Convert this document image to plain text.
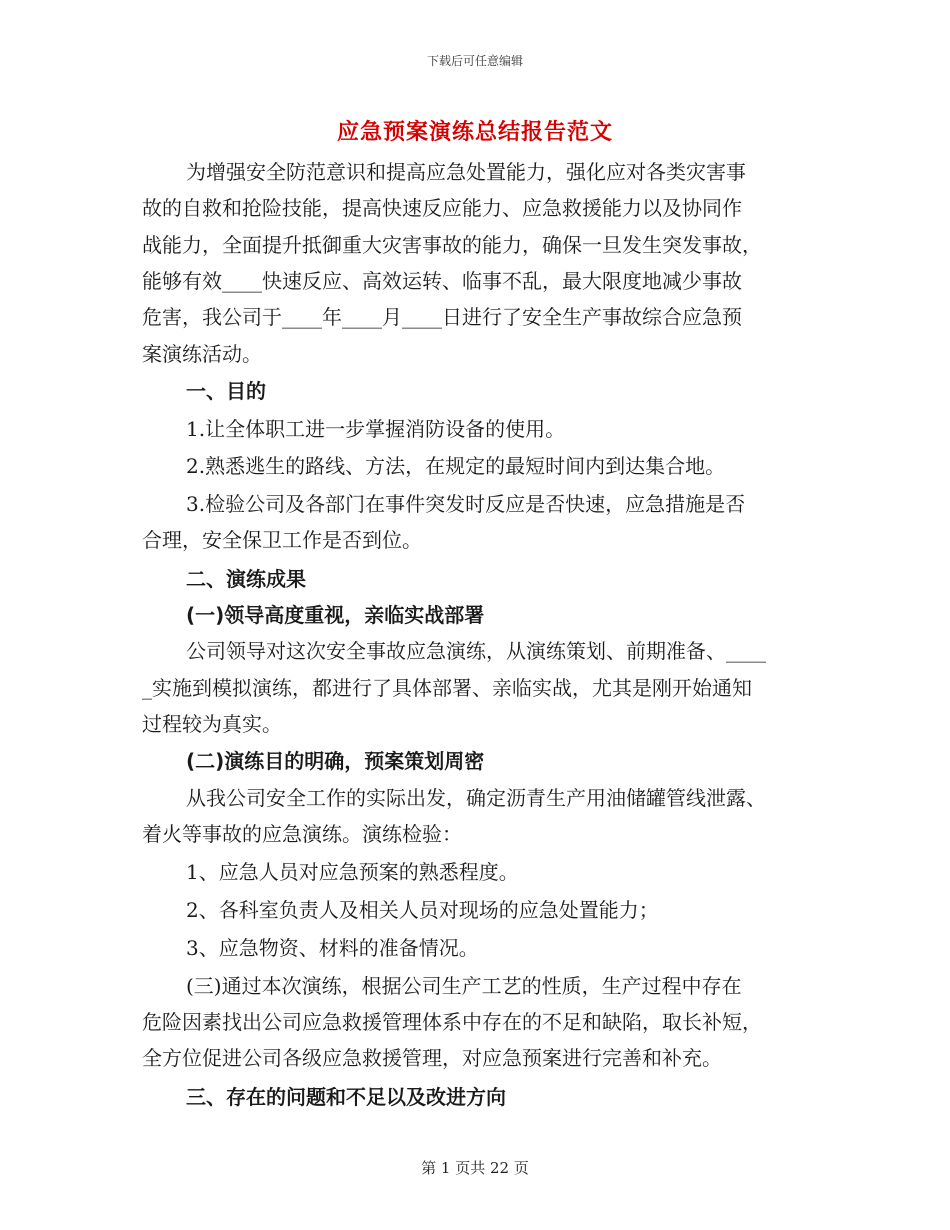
下载后可任意编辑
应急预案演练总结报告范文
为增强安全防范意识和提高应急处置能力，强化应对各类灾害事
故的自救和抢险技能，提高快速反应能力、应急救援能力以及协同作
战能力，全面提升抵御重大灾害事故的能力，确保一旦发生突发事故，
能够有效____快速反应、高效运转、临事不乱，最大限度地减少事故
危害，我公司于____年____月____日进行了安全生产事故综合应急预
案演练活动。
一、目的
1.让全体职工进一步掌握消防设备的使用。
2.熟悉逃生的路线、方法，在规定的最短时间内到达集合地。
3.检验公司及各部门在事件突发时反应是否快速，应急措施是否
合理，安全保卫工作是否到位。
二、演练成果
(一)领导高度重视，亲临实战部署
公司领导对这次安全事故应急演练，从演练策划、前期准备、____
_实施到模拟演练，都进行了具体部署、亲临实战，尤其是刚开始通知
过程较为真实。
(二)演练目的明确，预案策划周密
从我公司安全工作的实际出发，确定沥青生产用油储罐管线泄露、
着火等事故的应急演练。演练检验：
1、应急人员对应急预案的熟悉程度。
2、各科室负责人及相关人员对现场的应急处置能力；
3、应急物资、材料的准备情况。
(三)通过本次演练，根据公司生产工艺的性质，生产过程中存在
危险因素找出公司应急救援管理体系中存在的不足和缺陷，取长补短，
全方位促进公司各级应急救援管理，对应急预案进行完善和补充。
三、存在的问题和不足以及改进方向
第 1 页共 22 页
